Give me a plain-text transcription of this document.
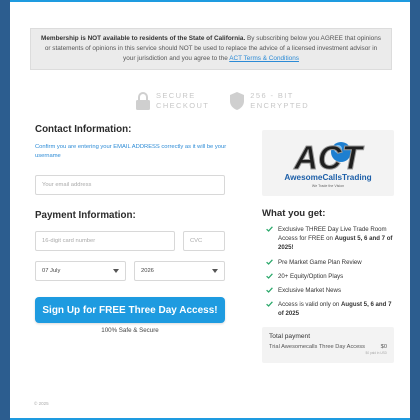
Membership is NOT available to residents of the State of California. By subscribing below you AGREE that opinions or statements of opinions in this service should NOT be used to replace the advice of a licensed investment advisor in your jurisdiction and you agree to the ACT Terms & Conditions
SECURE
CHECKOUT
256 - BIT
ENCRYPTED
Contact Information:
Confirm you are entering your EMAIL ADDRESS correctly as it will be your username
Your email address
Payment Information:
16-digit card number	CVC
07 July	2026
Sign Up for FREE Three Day Access!
100% Safe & Secure
© 2025
ACT
AwesomeCallsTrading
We Trade the Vision
What you get:
Exclusive THREE Day Live Trade Room Access for FREE on August 5, 6 and 7 of 2025!
Pre Market Game Plan Review
20+ Equity/Option Plays
Exclusive Market News
Access is valid only on August 5, 6 and 7 of 2025
Total payment
Trial Awesomecalls Three Day Access	$0
$0 paid in USD
